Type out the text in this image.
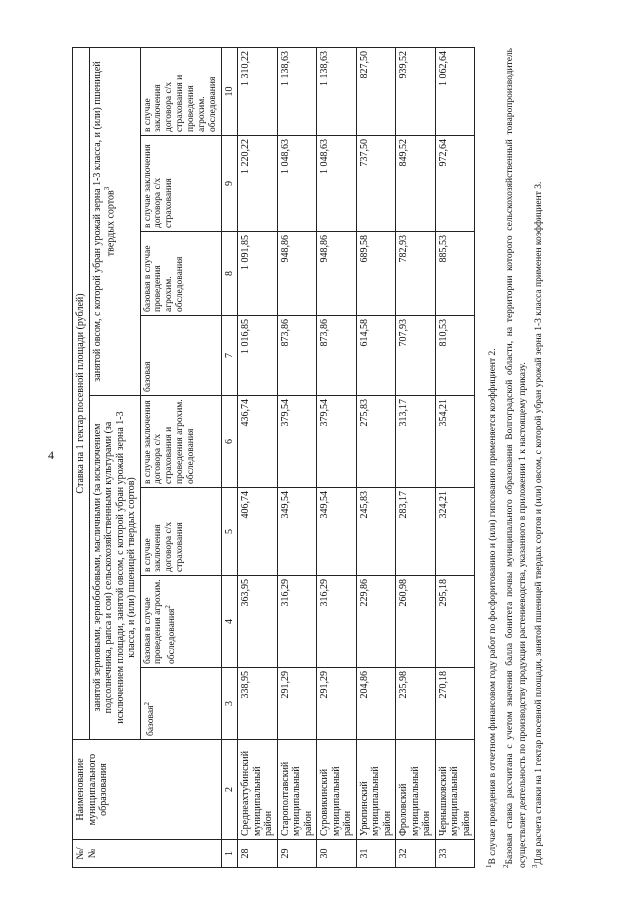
4
№/№	Наименование муниципального образования	Ставка на 1 гектар посевной площади (рублей)							
		занятой зерновыми, зернобобовыми, масличными (за исключением подсолнечника, рапса и сои) сельскохозяйственными культурами (за исключением площади, занятой овсом, с которой убран урожай зерна 1-3 класса, и (или) пшеницей твердых сортов)				занятой овсом, с которой убран урожай зерна 1-3 класса, и (или) пшеницей твердых сортов$^3$
		базовая$^2$	базовая в случае проведения агрохим. обследования$^2$	в случае заключения договора с/х страхования	в случае заключения договора с/х страхования и проведения агрохим. обследования	базовая	базовая в случае проведения агрохим. обследования	в случае заключения договора с/х страхования	в случае заключения договора с/х страхования и проведения агрохим. обследования
1	2	3	4	5	6	7	8	9	10
28	Среднеахтубинский муниципальный район	338,95	363,95	406,74	436,74	1 016,85	1 091,85	1 220,22	1 310,22
29	Старополтавский муниципальный район	291,29	316,29	349,54	379,54	873,86	948,86	1 048,63	1 138,63
30	Суровикинский муниципальный район	291,29	316,29	349,54	379,54	873,86	948,86	1 048,63	1 138,63
31	Урюпинский муниципальный район	204,86	229,86	245,83	275,83	614,58	689,58	737,50	827,50
32	Фроловский муниципальный район	235,98	260,98	283,17	313,17	707,93	782,93	849,52	939,52
33	Чернышковский муниципальный район	270,18	295,18	324,21	354,21	810,53	885,53	972,64	1 062,64

$^1$В случае проведения в отчетном финансовом году работ по фосфоритованию и (или) гипсованию применяется коэффициент 2.

$^2$Базовая ставка рассчитана с учетом значения балла бонитета почвы муниципального образования Волгоградской области, на территории которого сельскохозяйственный товаропроизводитель осуществляет деятельность по производству продукции растениеводства, указанного в приложении 1 к настоящему приказу. $^3$Для расчета ставки на 1 гектар посевной площади, занятой пшеницей твердых сортов и (или) овсом, с которой убран урожай зерна 1-3 класса применен коэффициент 3.
